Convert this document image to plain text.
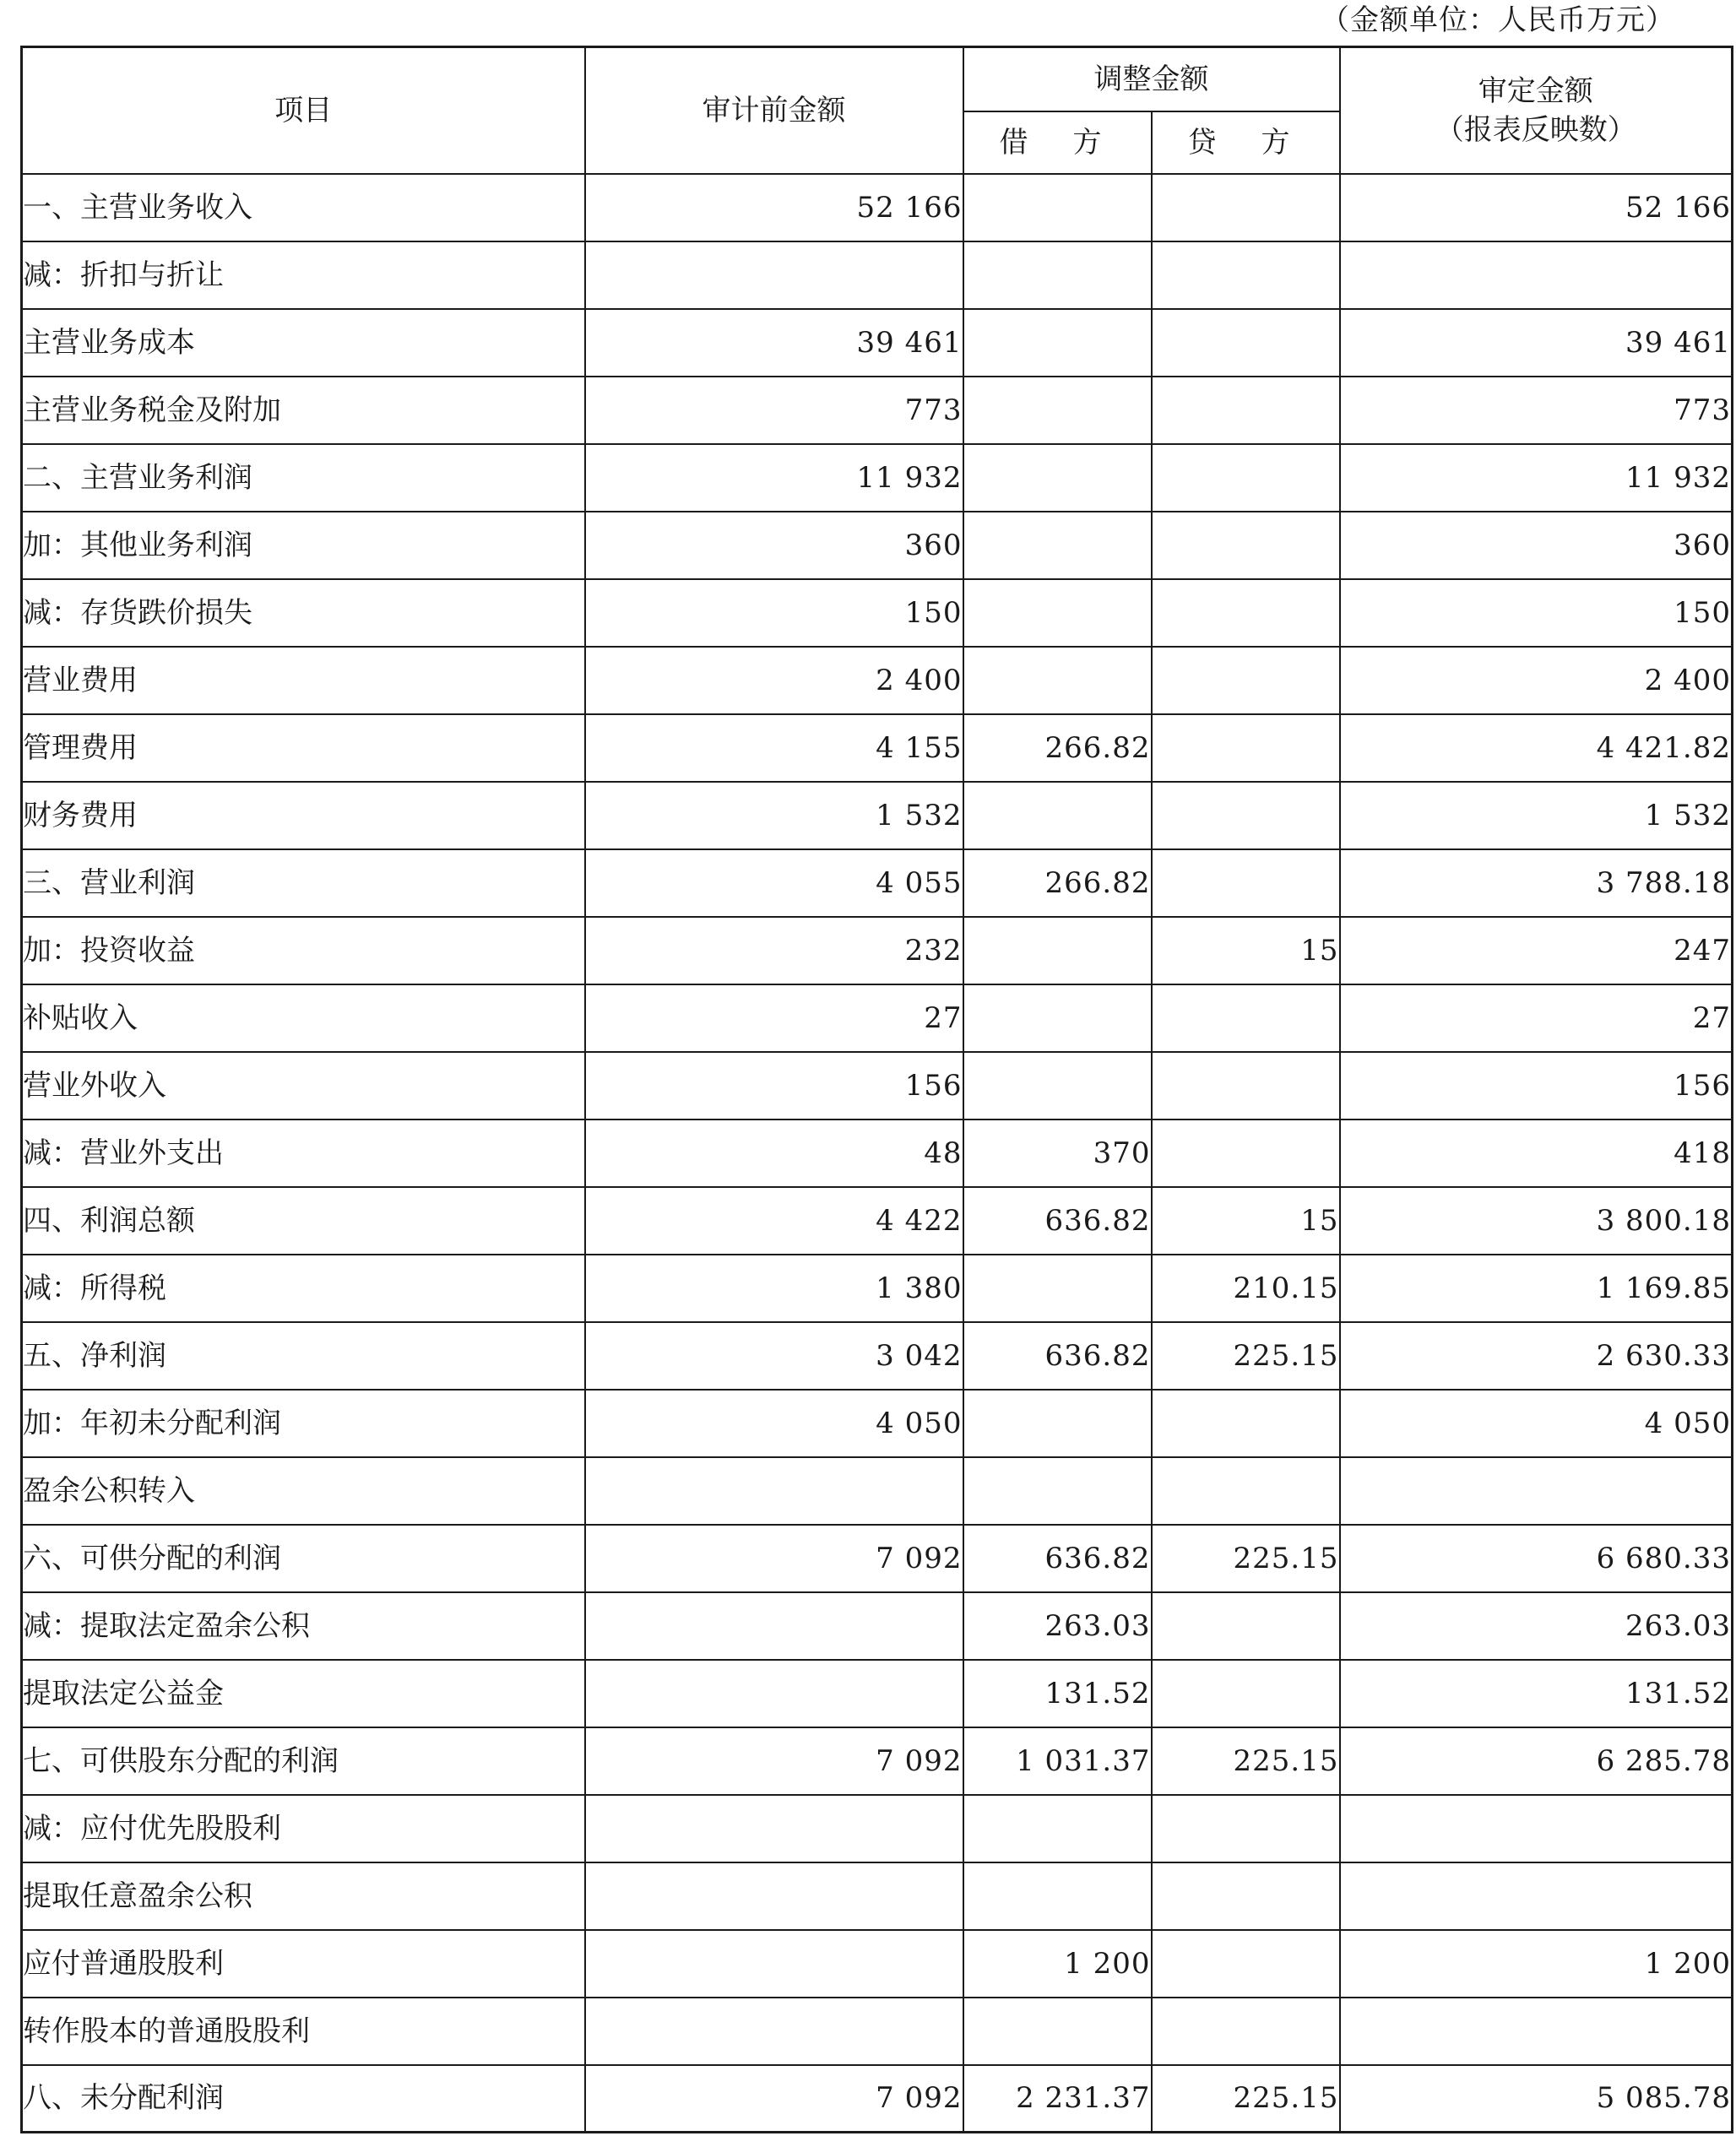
（金额单位：人民币万元）
项目	审计前金额	调整金额		审定金额
（报表反映数）

		借 方	贷 方	

一、主营业务收入	52 166			52 166
减：折扣与折让				
主营业务成本	39 461			39 461
主营业务税金及附加	773			773
二、主营业务利润	11 932			11 932
加：其他业务利润	360			360
减：存货跌价损失	150			150
营业费用	2 400			2 400
管理费用	4 155	266.82		4 421.82
财务费用	1 532			1 532
三、营业利润	4 055	266.82		3 788.18
加：投资收益	232		15	247
补贴收入	27			27
营业外收入	156			156
减：营业外支出	48	370		418
四、利润总额	4 422	636.82	15	3 800.18
减：所得税	1 380		210.15	1 169.85
五、净利润	3 042	636.82	225.15	2 630.33
加：年初未分配利润	4 050			4 050
盈余公积转入				
六、可供分配的利润	7 092	636.82	225.15	6 680.33
减：提取法定盈余公积		263.03		263.03
提取法定公益金		131.52		131.52
七、可供股东分配的利润	7 092	1 031.37	225.15	6 285.78
减：应付优先股股利				
提取任意盈余公积				
应付普通股股利		1 200		1 200
转作股本的普通股股利				
八、未分配利润	7 092	2 231.37	225.15	5 085.78
